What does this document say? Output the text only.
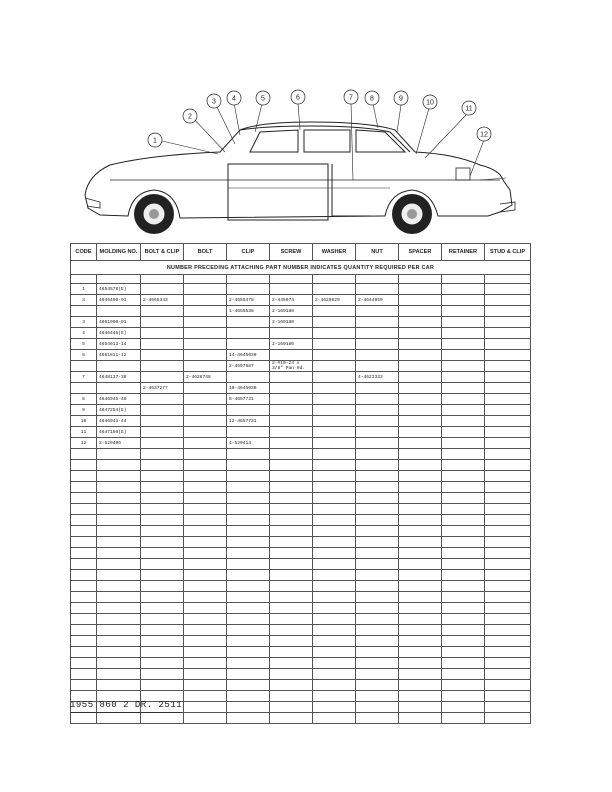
1
2
3 4	5	6	7 8	9
10
11
12
CODE	MOLDING NO.	BOLT & CLIP	BOLT	CLIP	SCREW	WASHER	NUT	SPACER	RETAINER	STUD & CLIP
NUMBER PRECEDING ATTACHING PART NUMBER INDICATES QUANTITY REQUIRED PER CAR										

1	4654578(E)									
3	4646490-91	2-4665343		2-4655478	2-445974	2-4629829	2-4644959			
				1-4655538	2-169180					
3	4661990-91				2-169180					
4	4646446(E)									
5	4654013-14				2-169180					
6	4661811-12			14-4645030						
				2-4607687	2-#10-24 x 3/8" Pan Hd.					
7	4648137-38		2-4628748				4-4621333			
		2-4637277		10-4645030						
8	4646945-46			8-4657731						
9	4647254(E)									
10	4646943-44			12-4657731						
11	4647160(E)									
12	2-520406			4-520414						

1955 860 2 DR. 2511
